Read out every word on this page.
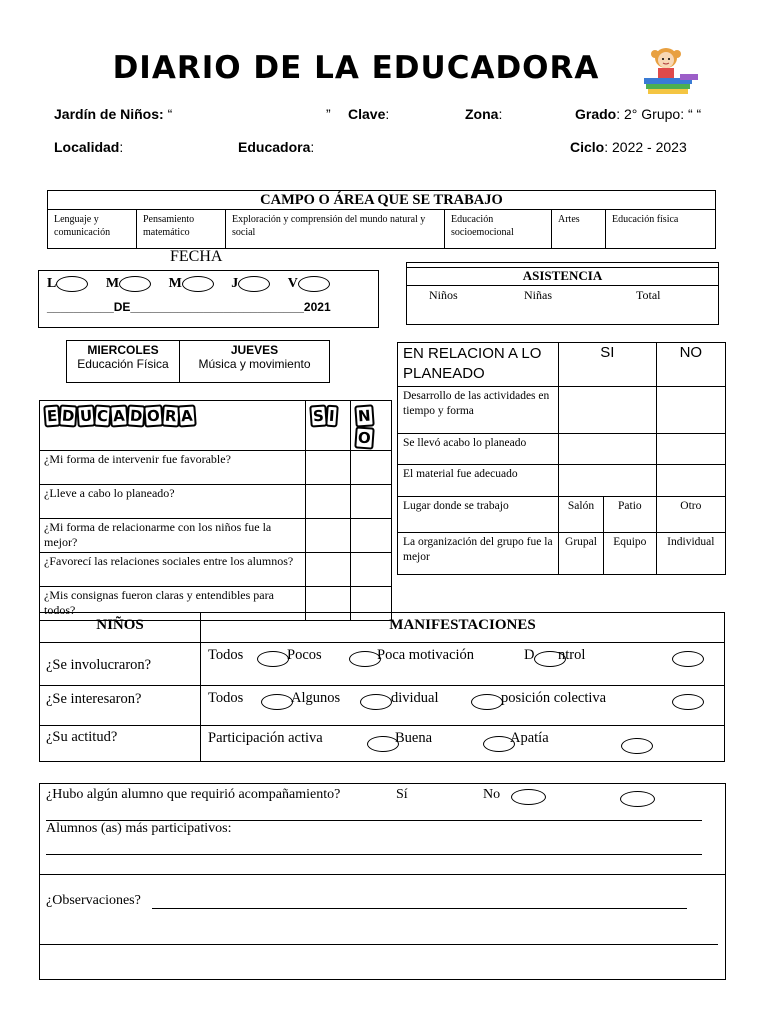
DIARIO DE LA EDUCADORA
Jardín de Niños: “	” Clave:	Zona:	Grado: 2° Grupo: “ “
Localidad:	Educadora:	Ciclo: 2022 - 2023
CAMPO O ÁREA QUE SE TRABAJO
Lenguaje y comunicación	Pensamiento matemático	Exploración y comprensión del mundo natural y social	Educación socioemocional	Artes	Educación física
FECHA
L	M	M	J	V
__________DE__________________________2021
ASISTENCIA
Niños	Niñas	Total
MIERCOLES
Educación Física

JUEVES
Música y movimiento
E D U C A D O R A	S I	NO
¿Mi forma de intervenir fue favorable?		
¿Lleve a cabo lo planeado?		
¿Mi forma de relacionarme con los niños fue la mejor?		
¿Favorecí las relaciones sociales entre los alumnos?		
¿Mis consignas fueron claras y entendibles para todos?		
EN RELACION A LO PLANEADO	SI		NO
Desarrollo de las actividades en tiempo y forma			
Se llevó acabo lo planeado			
El material fue adecuado			
Lugar donde se trabajo	Salón	Patio	Otro
La organización del grupo fue la mejor	Grupal	Equipo	Individual
NIÑOS	MANIFESTACIONES
¿Se involucraron?	Todos Pocos Poca motivación D ntrol

¿Se interesaron?	Todos Algunos dividual posición colectiva

¿Su actitud?	Participación activa Buena Apatía
¿Hubo algún alumno que requirió acompañamiento?	Sí	No
Alumnos (as) más participativos:
¿Observaciones?
